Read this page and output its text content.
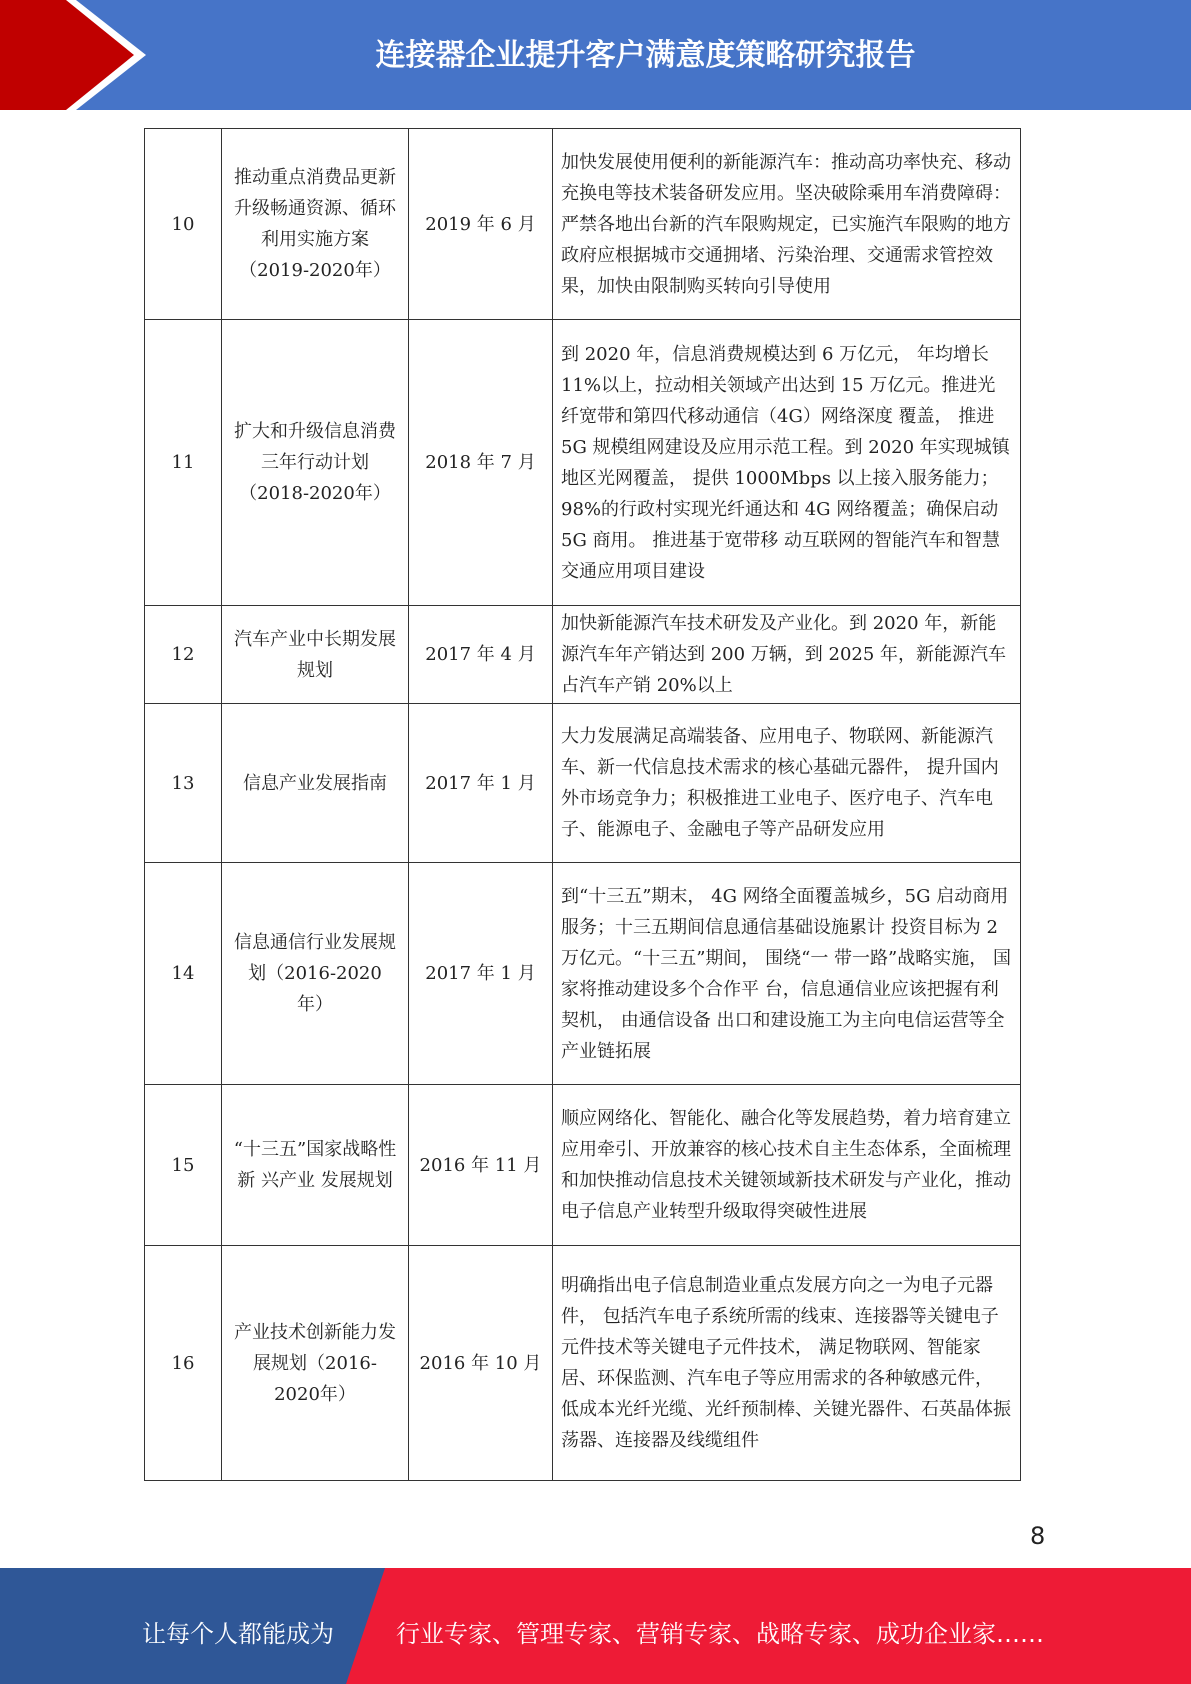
连接器企业提升客户满意度策略研究报告
10	推动重点消费品更新升级畅通资源、循环利用实施方案（2019-2020年）	2019 年 6 月	加快发展使用便利的新能源汽车：推动高功率快充、移动充换电等技术装备研发应用。坚决破除乘用车消费障碍：严禁各地出台新的汽车限购规定，已实施汽车限购的地方政府应根据城市交通拥堵、污染治理、交通需求管控效果，加快由限制购买转向引导使用
11	扩大和升级信息消费三年行动计划（2018-2020年）	2018 年 7 月	到 2020 年，信息消费规模达到 6 万亿元， 年均增长 11%以上，拉动相关领域产出达到 15 万亿元。推进光纤宽带和第四代移动通信（4G）网络深度 覆盖， 推进 5G 规模组网建设及应用示范工程。到 2020 年实现城镇地区光网覆盖， 提供 1000Mbps 以上接入服务能力；98%的行政村实现光纤通达和 4G 网络覆盖；确保启动 5G 商用。 推进基于宽带移 动互联网的智能汽车和智慧交通应用项目建设
12	汽车产业中长期发展规划	2017 年 4 月	加快新能源汽车技术研发及产业化。到 2020 年，新能源汽车年产销达到 200 万辆，到 2025 年，新能源汽车占汽车产销 20%以上
13	信息产业发展指南	2017 年 1 月	大力发展满足高端装备、应用电子、物联网、新能源汽车、新一代信息技术需求的核心基础元器件， 提升国内外市场竞争力；积极推进工业电子、医疗电子、汽车电子、能源电子、金融电子等产品研发应用
14	信息通信行业发展规划（2016-2020 年）	2017 年 1 月	到“十三五”期末， 4G 网络全面覆盖城乡，5G 启动商用服务；十三五期间信息通信基础设施累计 投资目标为 2 万亿元。“十三五”期间， 围绕“一 带一路”战略实施， 国家将推动建设多个合作平 台，信息通信业应该把握有利契机， 由通信设备 出口和建设施工为主向电信运营等全产业链拓展
15	“十三五”国家战略性新 兴产业 发展规划	2016 年 11 月	顺应网络化、智能化、融合化等发展趋势，着力培育建立应用牵引、开放兼容的核心技术自主生态体系，全面梳理和加快推动信息技术关键领域新技术研发与产业化，推动电子信息产业转型升级取得突破性进展
16	产业技术创新能力发展规划（2016-2020年）	2016 年 10 月	明确指出电子信息制造业重点发展方向之一为电子元器件， 包括汽车电子系统所需的线束、连接器等关键电子元件技术等关键电子元件技术， 满足物联网、智能家居、环保监测、汽车电子等应用需求的各种敏感元件， 低成本光纤光缆、光纤预制棒、关键光器件、石英晶体振荡器、连接器及线缆组件
8
让每个人都能成为	行业专家、管理专家、营销专家、战略专家、成功企业家……
